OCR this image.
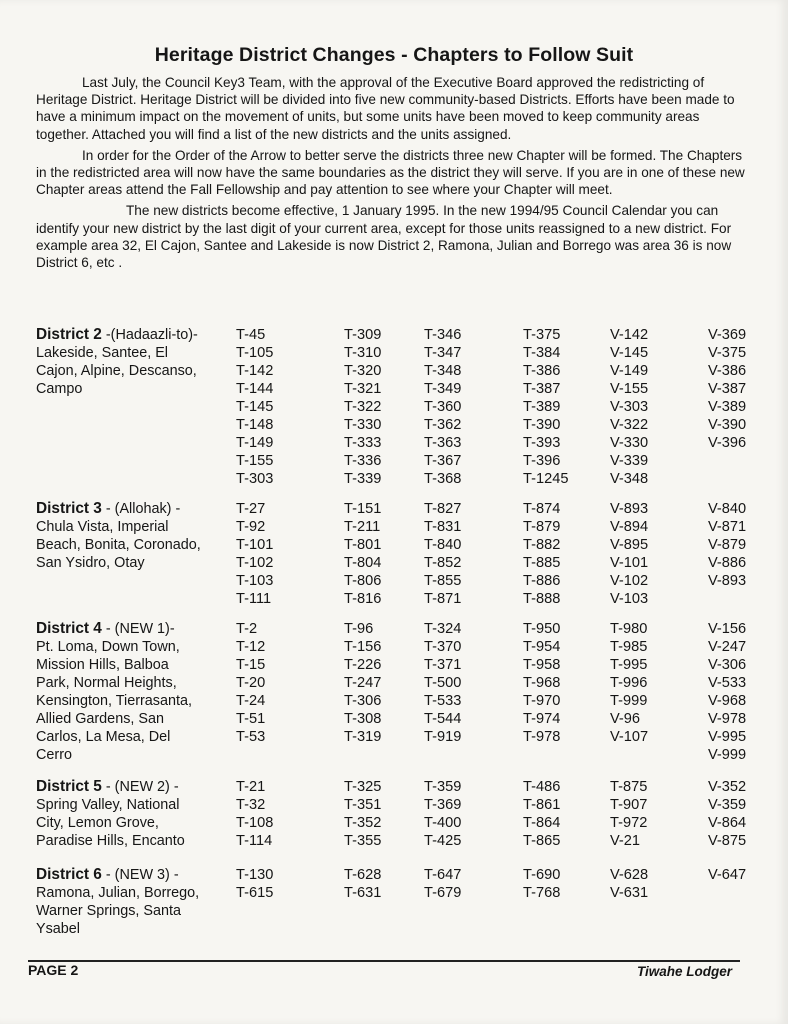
Heritage District Changes - Chapters to Follow Suit

Last July, the Council Key3 Team, with the approval of the Executive Board approved the redistricting of Heritage District. Heritage District will be divided into five new community-based Districts. Efforts have been made to have a minimum impact on the movement of units, but some units have been moved to keep community areas together. Attached you will find a list of the new districts and the units assigned.

In order for the Order of the Arrow to better serve the districts three new Chapter will be formed. The Chapters in the redistricted area will now have the same boundaries as the district they will serve. If you are in one of these new Chapter areas attend the Fall Fellowship and pay attention to see where your Chapter will meet.

The new districts become effective, 1 January 1995. In the new 1994/95 Council Calendar you can identify your new district by the last digit of your current area, except for those units reassigned to a new district. For example area 32, El Cajon, Santee and Lakeside is now District 2, Ramona, Julian and Borrego was area 36 is now District 6, etc .

District 2 -(Hadaazli-to)-
Lakeside, Santee, El
Cajon, Alpine, Descanso,
Campo
T-45
T-105
T-142
T-144
T-145
T-148
T-149
T-155
T-303
T-309
T-310
T-320
T-321
T-322
T-330
T-333
T-336
T-339
T-346
T-347
T-348
T-349
T-360
T-362
T-363
T-367
T-368
T-375
T-384
T-386
T-387
T-389
T-390
T-393
T-396
T-1245
V-142
V-145
V-149
V-155
V-303
V-322
V-330
V-339
V-348
V-369
V-375
V-386
V-387
V-389
V-390
V-396
District 3 - (Allohak) -
Chula Vista, Imperial
Beach, Bonita, Coronado,
San Ysidro, Otay
T-27
T-92
T-101
T-102
T-103
T-111
T-151
T-211
T-801
T-804
T-806
T-816
T-827
T-831
T-840
T-852
T-855
T-871
T-874
T-879
T-882
T-885
T-886
T-888
V-893
V-894
V-895
V-101
V-102
V-103
V-840
V-871
V-879
V-886
V-893
District 4 - (NEW 1)-
Pt. Loma, Down Town,
Mission Hills, Balboa
Park, Normal Heights,
Kensington, Tierrasanta,
Allied Gardens, San
Carlos, La Mesa, Del
Cerro
T-2
T-12
T-15
T-20
T-24
T-51
T-53
T-96
T-156
T-226
T-247
T-306
T-308
T-319
T-324
T-370
T-371
T-500
T-533
T-544
T-919
T-950
T-954
T-958
T-968
T-970
T-974
T-978
T-980
T-985
T-995
T-996
T-999
V-96
V-107
V-156
V-247
V-306
V-533
V-968
V-978
V-995
V-999
District 5 - (NEW 2) -
Spring Valley, National
City, Lemon Grove,
Paradise Hills, Encanto
T-21
T-32
T-108
T-114
T-325
T-351
T-352
T-355
T-359
T-369
T-400
T-425
T-486
T-861
T-864
T-865
T-875
T-907
T-972
V-21
V-352
V-359
V-864
V-875
District 6 - (NEW 3) -
Ramona, Julian, Borrego,
Warner Springs, Santa
Ysabel
T-130
T-615
T-628
T-631
T-647
T-679
T-690
T-768
V-628
V-631
V-647
PAGE 2	Tiwahe Lodger
